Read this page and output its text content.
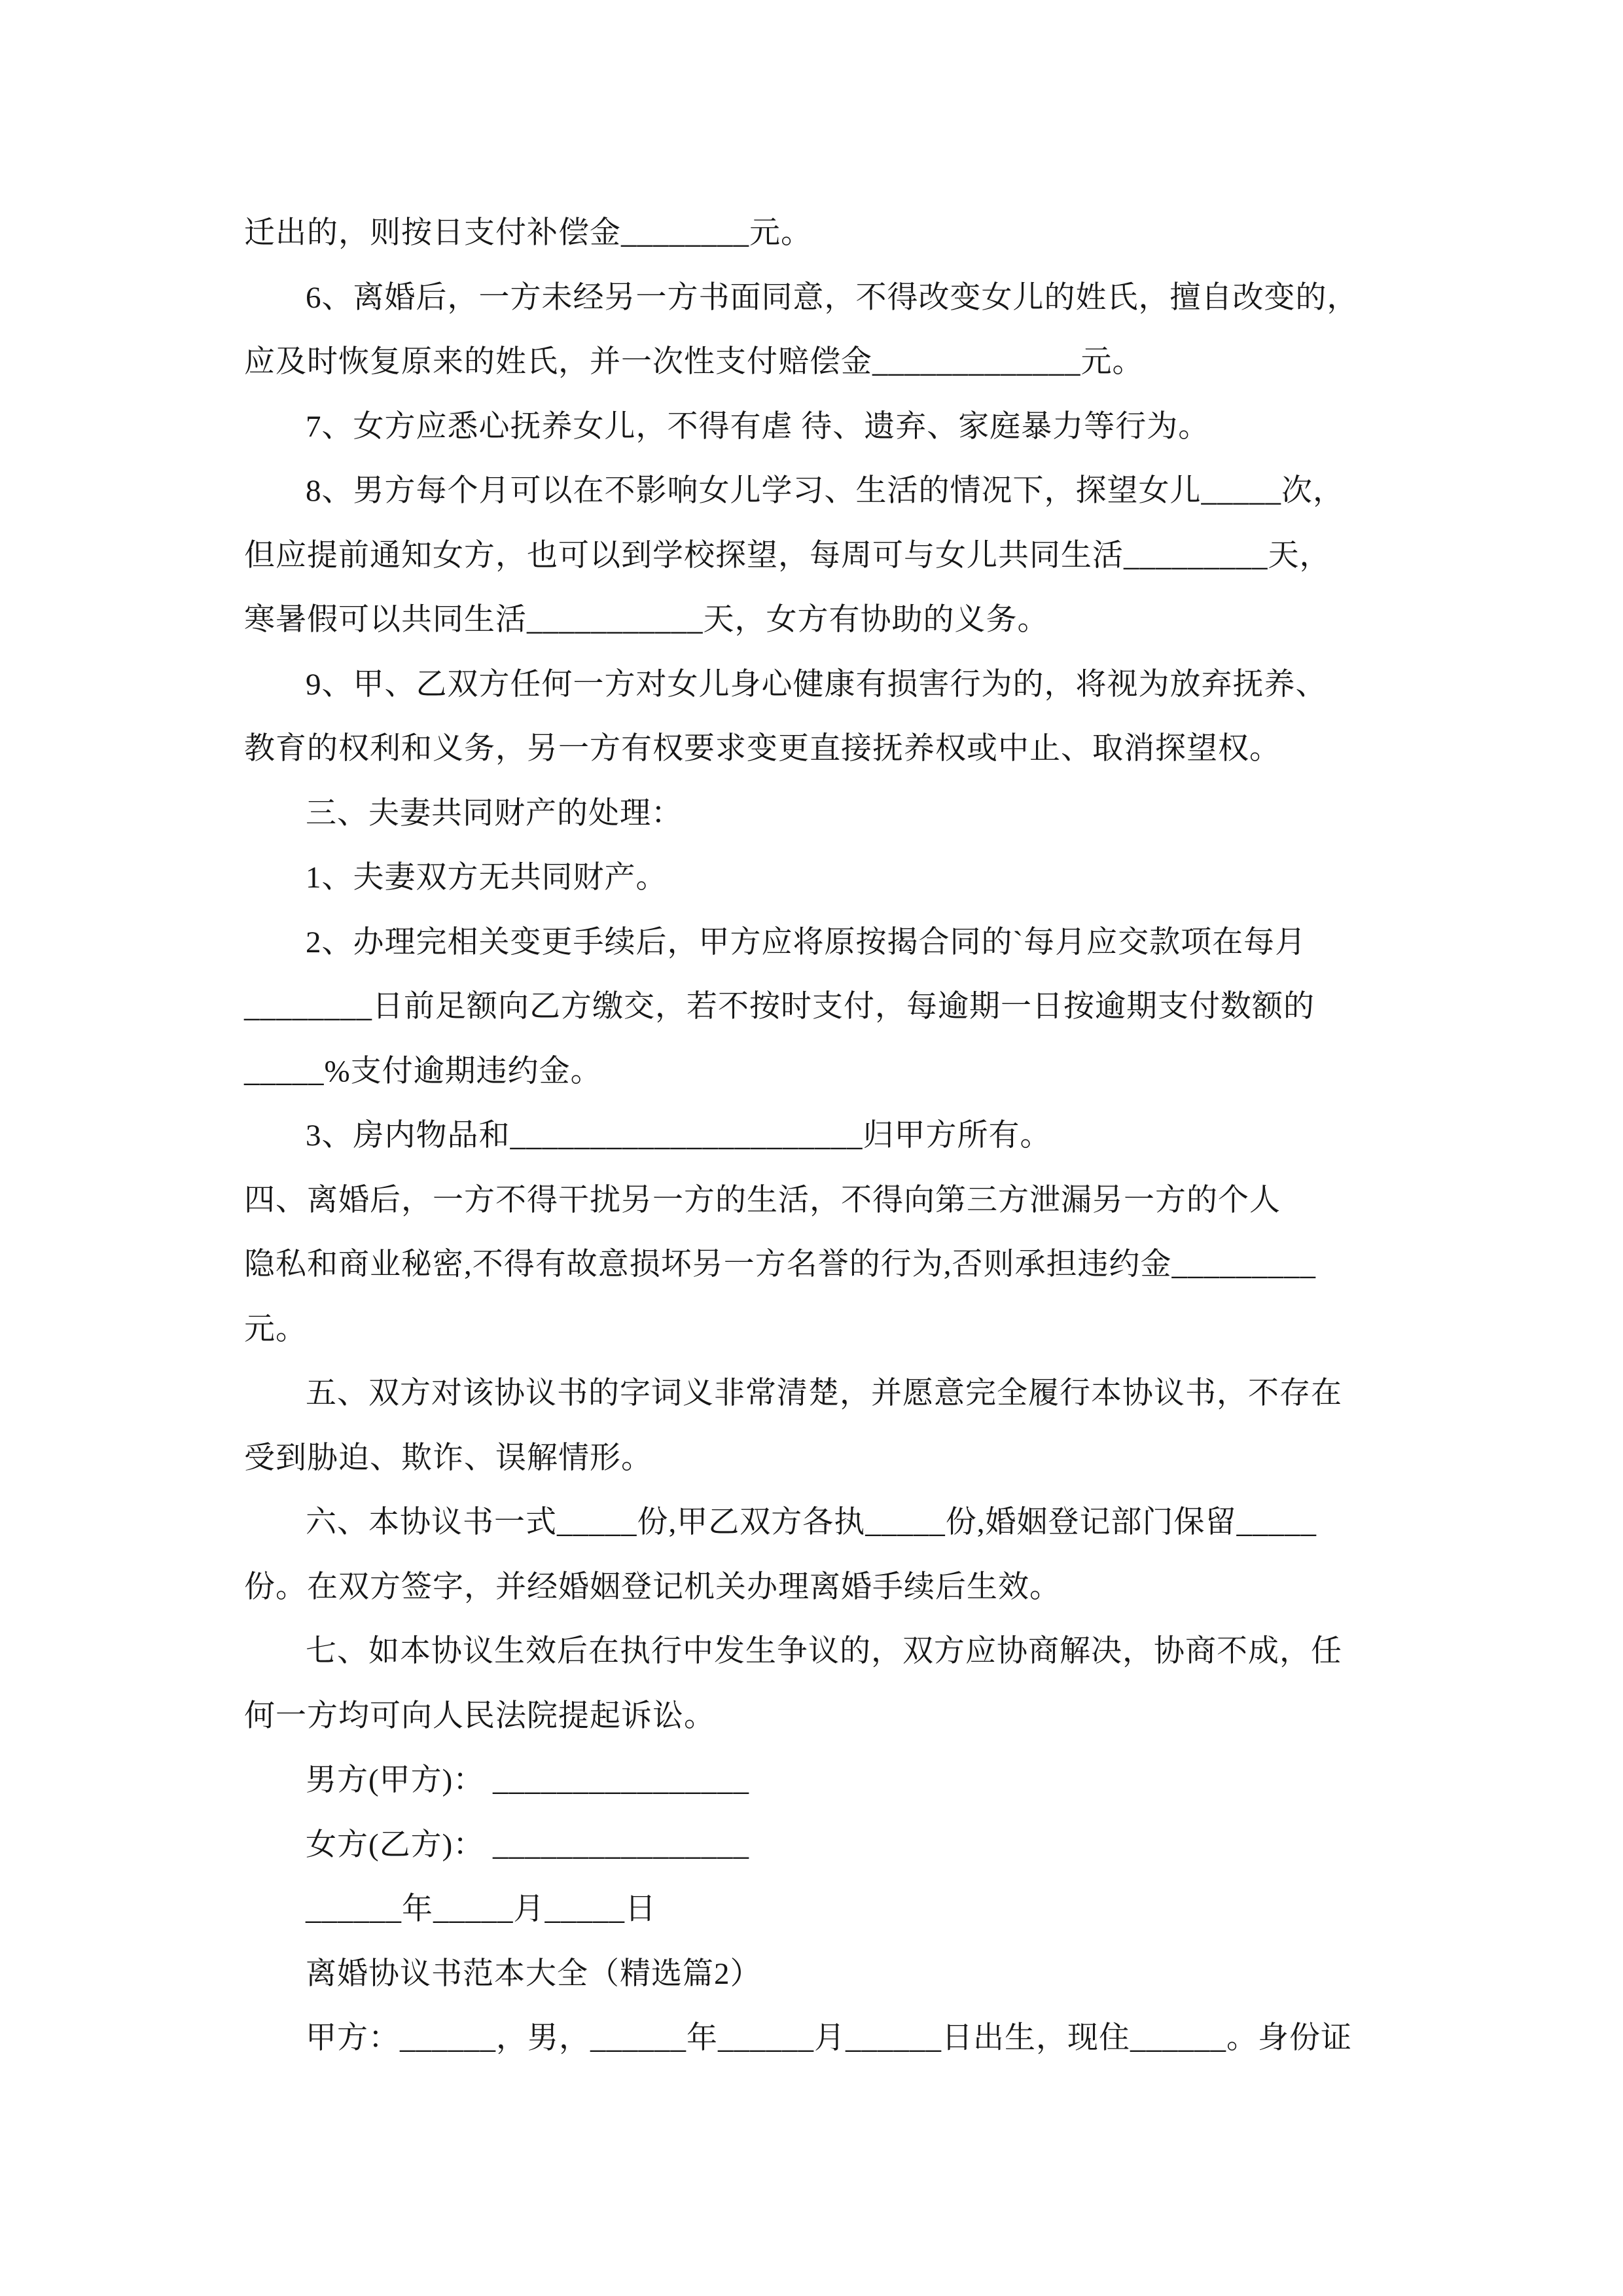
迁出的，则按日支付补偿金________元。
6、离婚后，一方未经另一方书面同意，不得改变女儿的姓氏，擅自改变的，
应及时恢复原来的姓氏，并一次性支付赔偿金_____________元。
7、女方应悉心抚养女儿，不得有虐 待、遗弃、家庭暴力等行为。
8、男方每个月可以在不影响女儿学习、生活的情况下，探望女儿_____次，
但应提前通知女方，也可以到学校探望，每周可与女儿共同生活_________天，
寒暑假可以共同生活___________天，女方有协助的义务。
9、甲、乙双方任何一方对女儿身心健康有损害行为的，将视为放弃抚养、
教育的权利和义务，另一方有权要求变更直接抚养权或中止、取消探望权。
三、夫妻共同财产的处理：
1、夫妻双方无共同财产。
2、办理完相关变更手续后，甲方应将原按揭合同的`每月应交款项在每月
________日前足额向乙方缴交，若不按时支付，每逾期一日按逾期支付数额的
_____%支付逾期违约金。
3、房内物品和______________________归甲方所有。
四、离婚后，一方不得干扰另一方的生活，不得向第三方泄漏另一方的个人
隐私和商业秘密,不得有故意损坏另一方名誉的行为,否则承担违约金_________
元。
五、双方对该协议书的字词义非常清楚，并愿意完全履行本协议书，不存在
受到胁迫、欺诈、误解情形。
六、本协议书一式_____份,甲乙双方各执_____份,婚姻登记部门保留_____
份。在双方签字，并经婚姻登记机关办理离婚手续后生效。
七、如本协议生效后在执行中发生争议的，双方应协商解决，协商不成，任
何一方均可向人民法院提起诉讼。
男方(甲方)： ________________
女方(乙方)： ________________
______年_____月_____日
离婚协议书范本大全（精选篇2）
甲方：______，男，______年______月______日出生，现住______。身份证
